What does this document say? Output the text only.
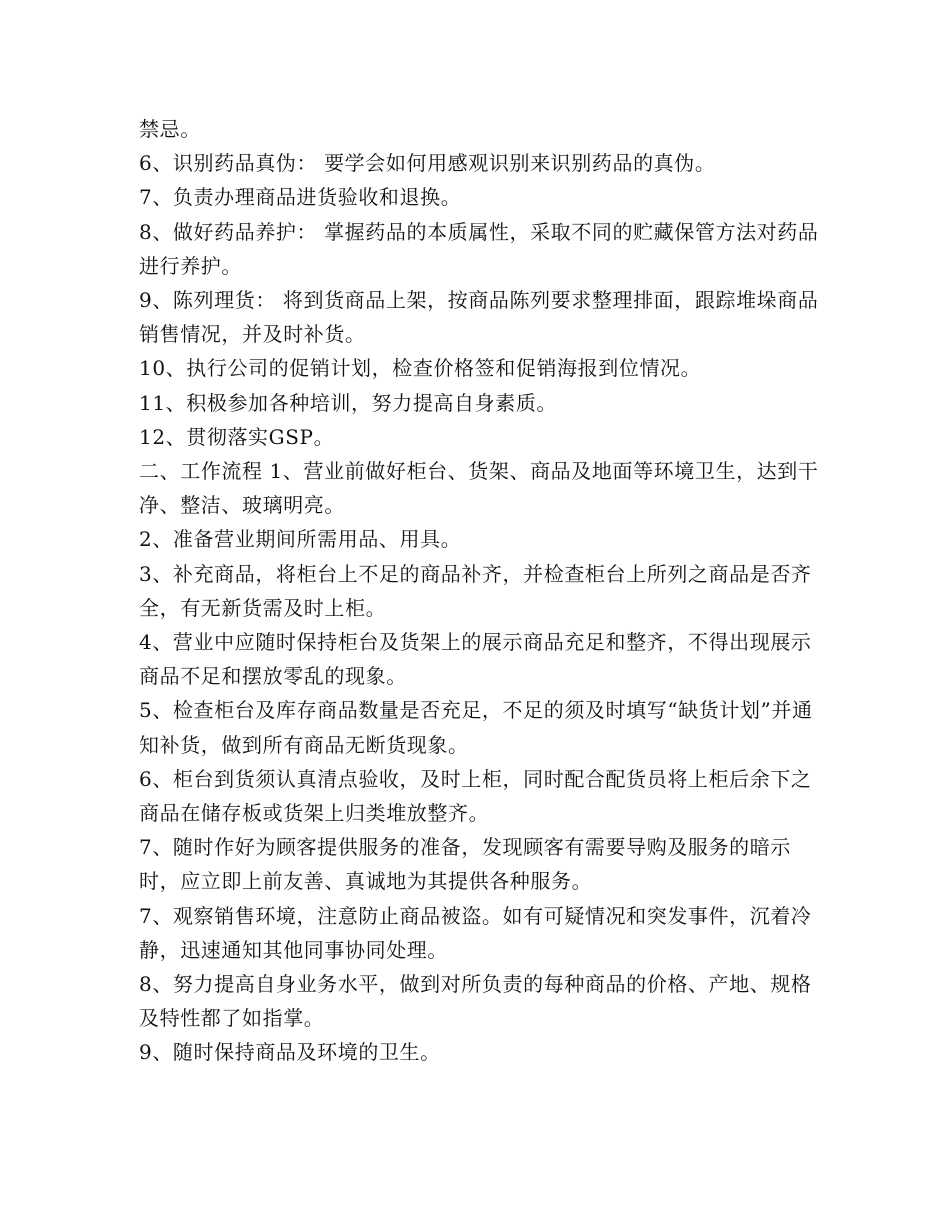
禁忌。

6、识别药品真伪： 要学会如何用感观识别来识别药品的真伪。

7、负责办理商品进货验收和退换。

8、做好药品养护： 掌握药品的本质属性，采取不同的贮藏保管方法对药品进行养护。

9、陈列理货： 将到货商品上架，按商品陈列要求整理排面，跟踪堆垛商品销售情况，并及时补货。

10、执行公司的促销计划，检查价格签和促销海报到位情况。

11、积极参加各种培训，努力提高自身素质。

12、贯彻落实GSP。

二、工作流程 1、营业前做好柜台、货架、商品及地面等环境卫生，达到干净、整洁、玻璃明亮。

2、准备营业期间所需用品、用具。

3、补充商品，将柜台上不足的商品补齐，并检查柜台上所列之商品是否齐全，有无新货需及时上柜。

4、营业中应随时保持柜台及货架上的展示商品充足和整齐，不得出现展示商品不足和摆放零乱的现象。

5、检查柜台及库存商品数量是否充足，不足的须及时填写“缺货计划”并通知补货，做到所有商品无断货现象。

6、柜台到货须认真清点验收，及时上柜，同时配合配货员将上柜后余下之商品在储存板或货架上归类堆放整齐。

7、随时作好为顾客提供服务的准备，发现顾客有需要导购及服务的暗示时，应立即上前友善、真诚地为其提供各种服务。

7、观察销售环境，注意防止商品被盗。如有可疑情况和突发事件，沉着冷静，迅速通知其他同事协同处理。

8、努力提高自身业务水平，做到对所负责的每种商品的价格、产地、规格及特性都了如指掌。

9、随时保持商品及环境的卫生。
